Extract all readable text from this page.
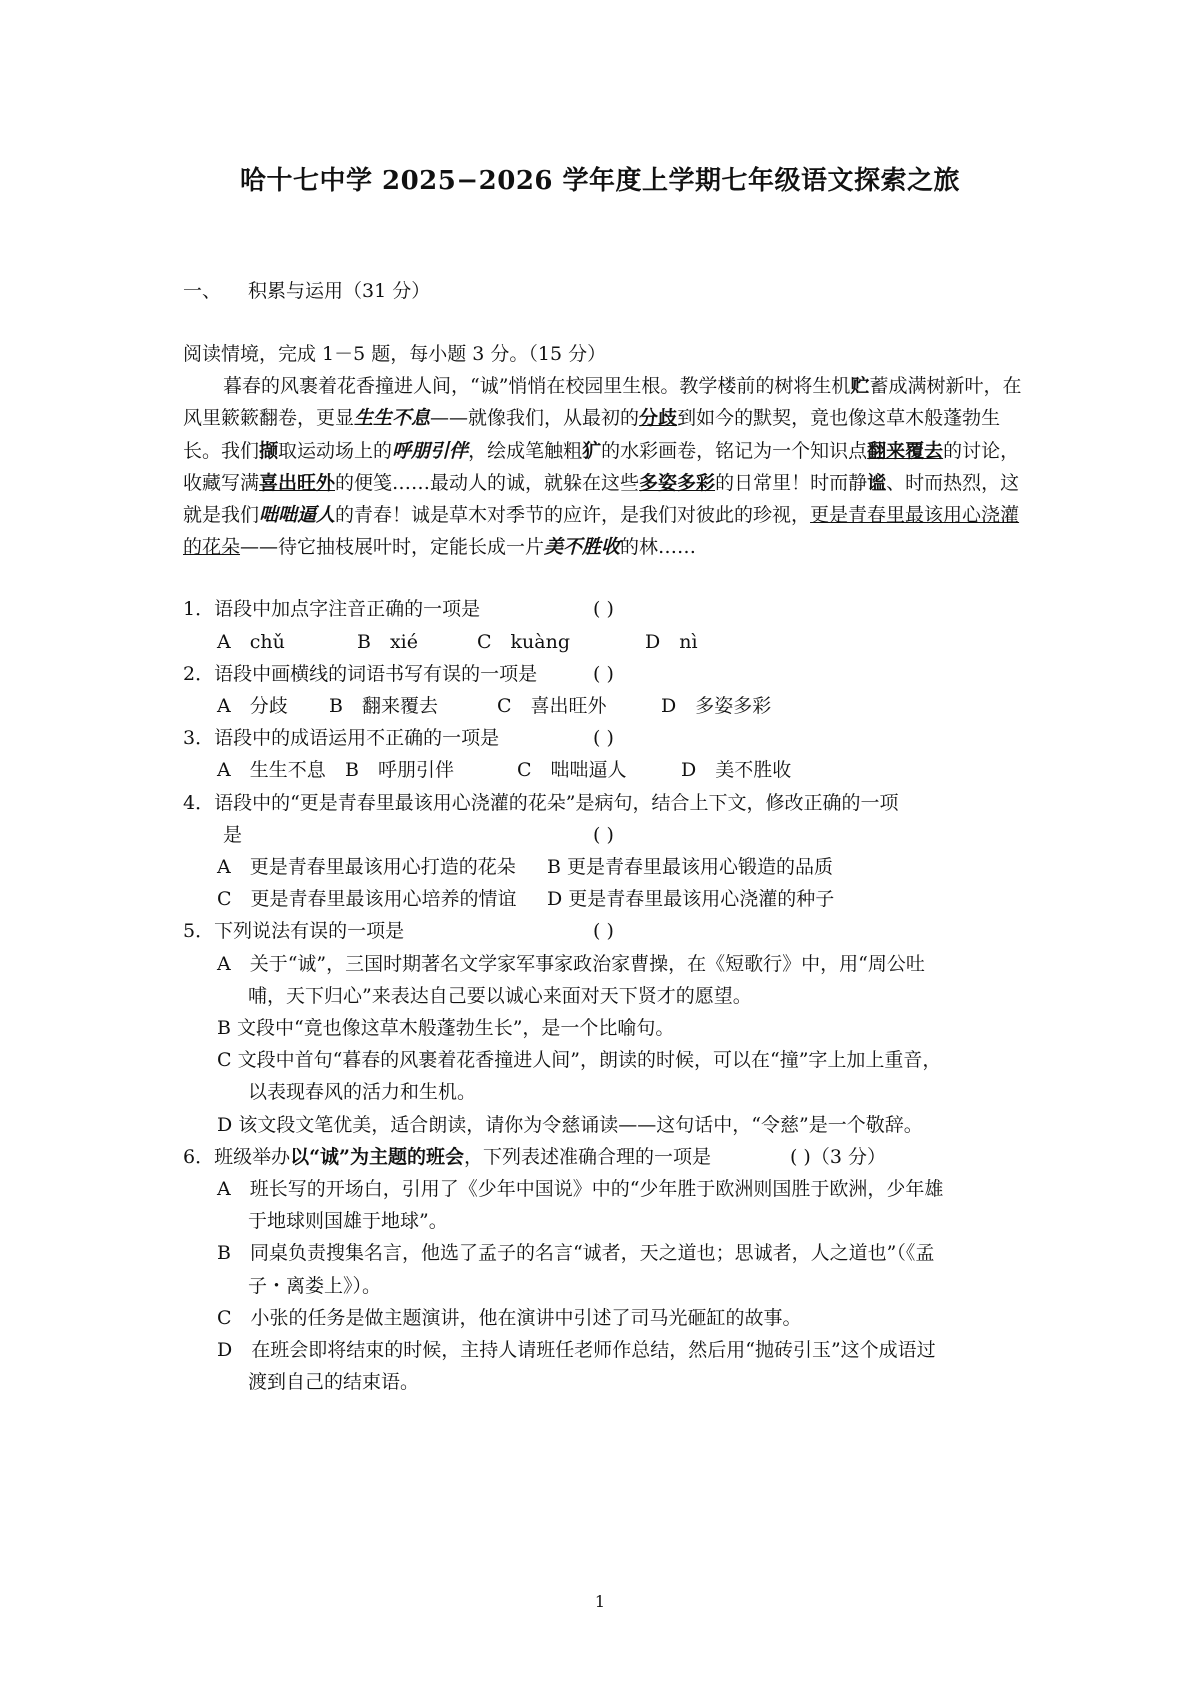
哈十七中学 2025−2026 学年度上学期七年级语文探索之旅
一、 积累与运用（31 分）

阅读情境，完成 1－5 题，每小题 3 分。（15 分）

暮春的风裹着花香撞进人间，“诚”悄悄在校园里生根。教学楼前的树将生机贮蓄成满树新叶，在风里簌簌翻卷，更显生生不息——就像我们，从最初的分歧到如今的默契，竟也像这草木般蓬勃生长。我们撷取运动场上的呼朋引伴，绘成笔触粗犷的水彩画卷，铭记为一个知识点翻来覆去的讨论，收藏写满喜出旺外的便笺……最动人的诚，就躲在这些多姿多彩的日常里！时而静谧、时而热烈，这就是我们咄咄逼人的青春！诚是草木对季节的应许，是我们对彼此的珍视，更是青春里最该用心浇灌的花朵——待它抽枝展叶时，定能长成一片美不胜收的林……

1．语段中加点字注音正确的一项是	( )

A　chǔ	B　xié	C　kuàng	D　nì

2．语段中画横线的词语书写有误的一项是	( )

A　分歧 B　翻来覆去	C　喜出旺外	D　多姿多彩

3．语段中的成语运用不正确的一项是	( )

A　生生不息 B　呼朋引伴	C　咄咄逼人	D　美不胜收

4．语段中的“更是青春里最该用心浇灌的花朵”是病句，结合上下文，修改正确的一项

是	( )

A　更是青春里最该用心打造的花朵 B 更是青春里最该用心锻造的品质

C　更是青春里最该用心培养的情谊 D 更是青春里最该用心浇灌的种子

5．下列说法有误的一项是	( )

A　关于“诚”，三国时期著名文学家军事家政治家曹操，在《短歌行》中，用“周公吐

哺，天下归心”来表达自己要以诚心来面对天下贤才的愿望。

B 文段中“竟也像这草木般蓬勃生长”，是一个比喻句。

C 文段中首句“暮春的风裹着花香撞进人间”，朗读的时候，可以在“撞”字上加上重音，

以表现春风的活力和生机。

D 该文段文笔优美，适合朗读，请你为令慈诵读——这句话中，“令慈”是一个敬辞。

6．班级举办以“诚”为主题的班会，下列表述准确合理的一项是	( )（3 分）

A　班长写的开场白，引用了《少年中国说》中的“少年胜于欧洲则国胜于欧洲，少年雄

于地球则国雄于地球”。

B　同桌负责搜集名言，他选了孟子的名言“诚者，天之道也；思诚者，人之道也”（《孟

子・离娄上》）。

C　小张的任务是做主题演讲，他在演讲中引述了司马光砸缸的故事。

D　在班会即将结束的时候，主持人请班任老师作总结，然后用“抛砖引玉”这个成语过

渡到自己的结束语。

1
